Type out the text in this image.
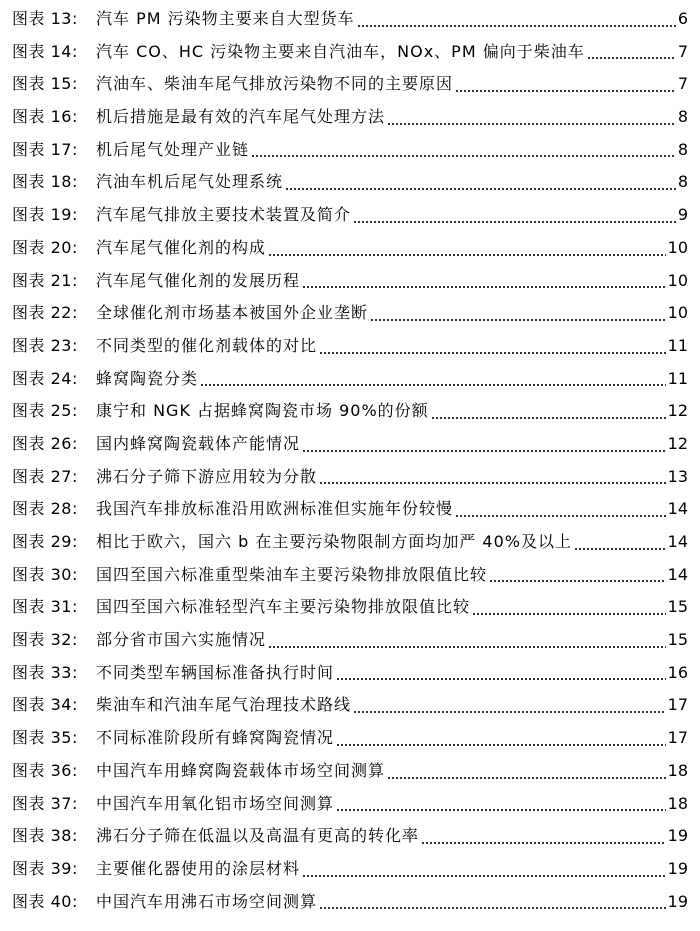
图表 13:	汽车 PM 污染物主要来自大型货车	6
图表 14:	汽车 CO、HC 污染物主要来自汽油车，NOx、PM 偏向于柴油车	7
图表 15:	汽油车、柴油车尾气排放污染物不同的主要原因	7
图表 16:	机后措施是最有效的汽车尾气处理方法	8
图表 17:	机后尾气处理产业链	8
图表 18:	汽油车机后尾气处理系统	8
图表 19:	汽车尾气排放主要技术装置及简介	9
图表 20:	汽车尾气催化剂的构成	10
图表 21:	汽车尾气催化剂的发展历程	10
图表 22:	全球催化剂市场基本被国外企业垄断	10
图表 23:	不同类型的催化剂载体的对比	11
图表 24:	蜂窝陶瓷分类	11
图表 25:	康宁和 NGK 占据蜂窝陶瓷市场 90%的份额	12
图表 26:	国内蜂窝陶瓷载体产能情况	12
图表 27:	沸石分子筛下游应用较为分散	13
图表 28:	我国汽车排放标准沿用欧洲标准但实施年份较慢	14
图表 29:	相比于欧六，国六 b 在主要污染物限制方面均加严 40%及以上	14
图表 30:	国四至国六标准重型柴油车主要污染物排放限值比较	14
图表 31:	国四至国六标准轻型汽车主要污染物排放限值比较	15
图表 32:	部分省市国六实施情况	15
图表 33:	不同类型车辆国标准备执行时间	16
图表 34:	柴油车和汽油车尾气治理技术路线	17
图表 35:	不同标准阶段所有蜂窝陶瓷情况	17
图表 36:	中国汽车用蜂窝陶瓷载体市场空间测算	18
图表 37:	中国汽车用氧化铝市场空间测算	18
图表 38:	沸石分子筛在低温以及高温有更高的转化率	19
图表 39:	主要催化器使用的涂层材料	19
图表 40:	中国汽车用沸石市场空间测算	19
